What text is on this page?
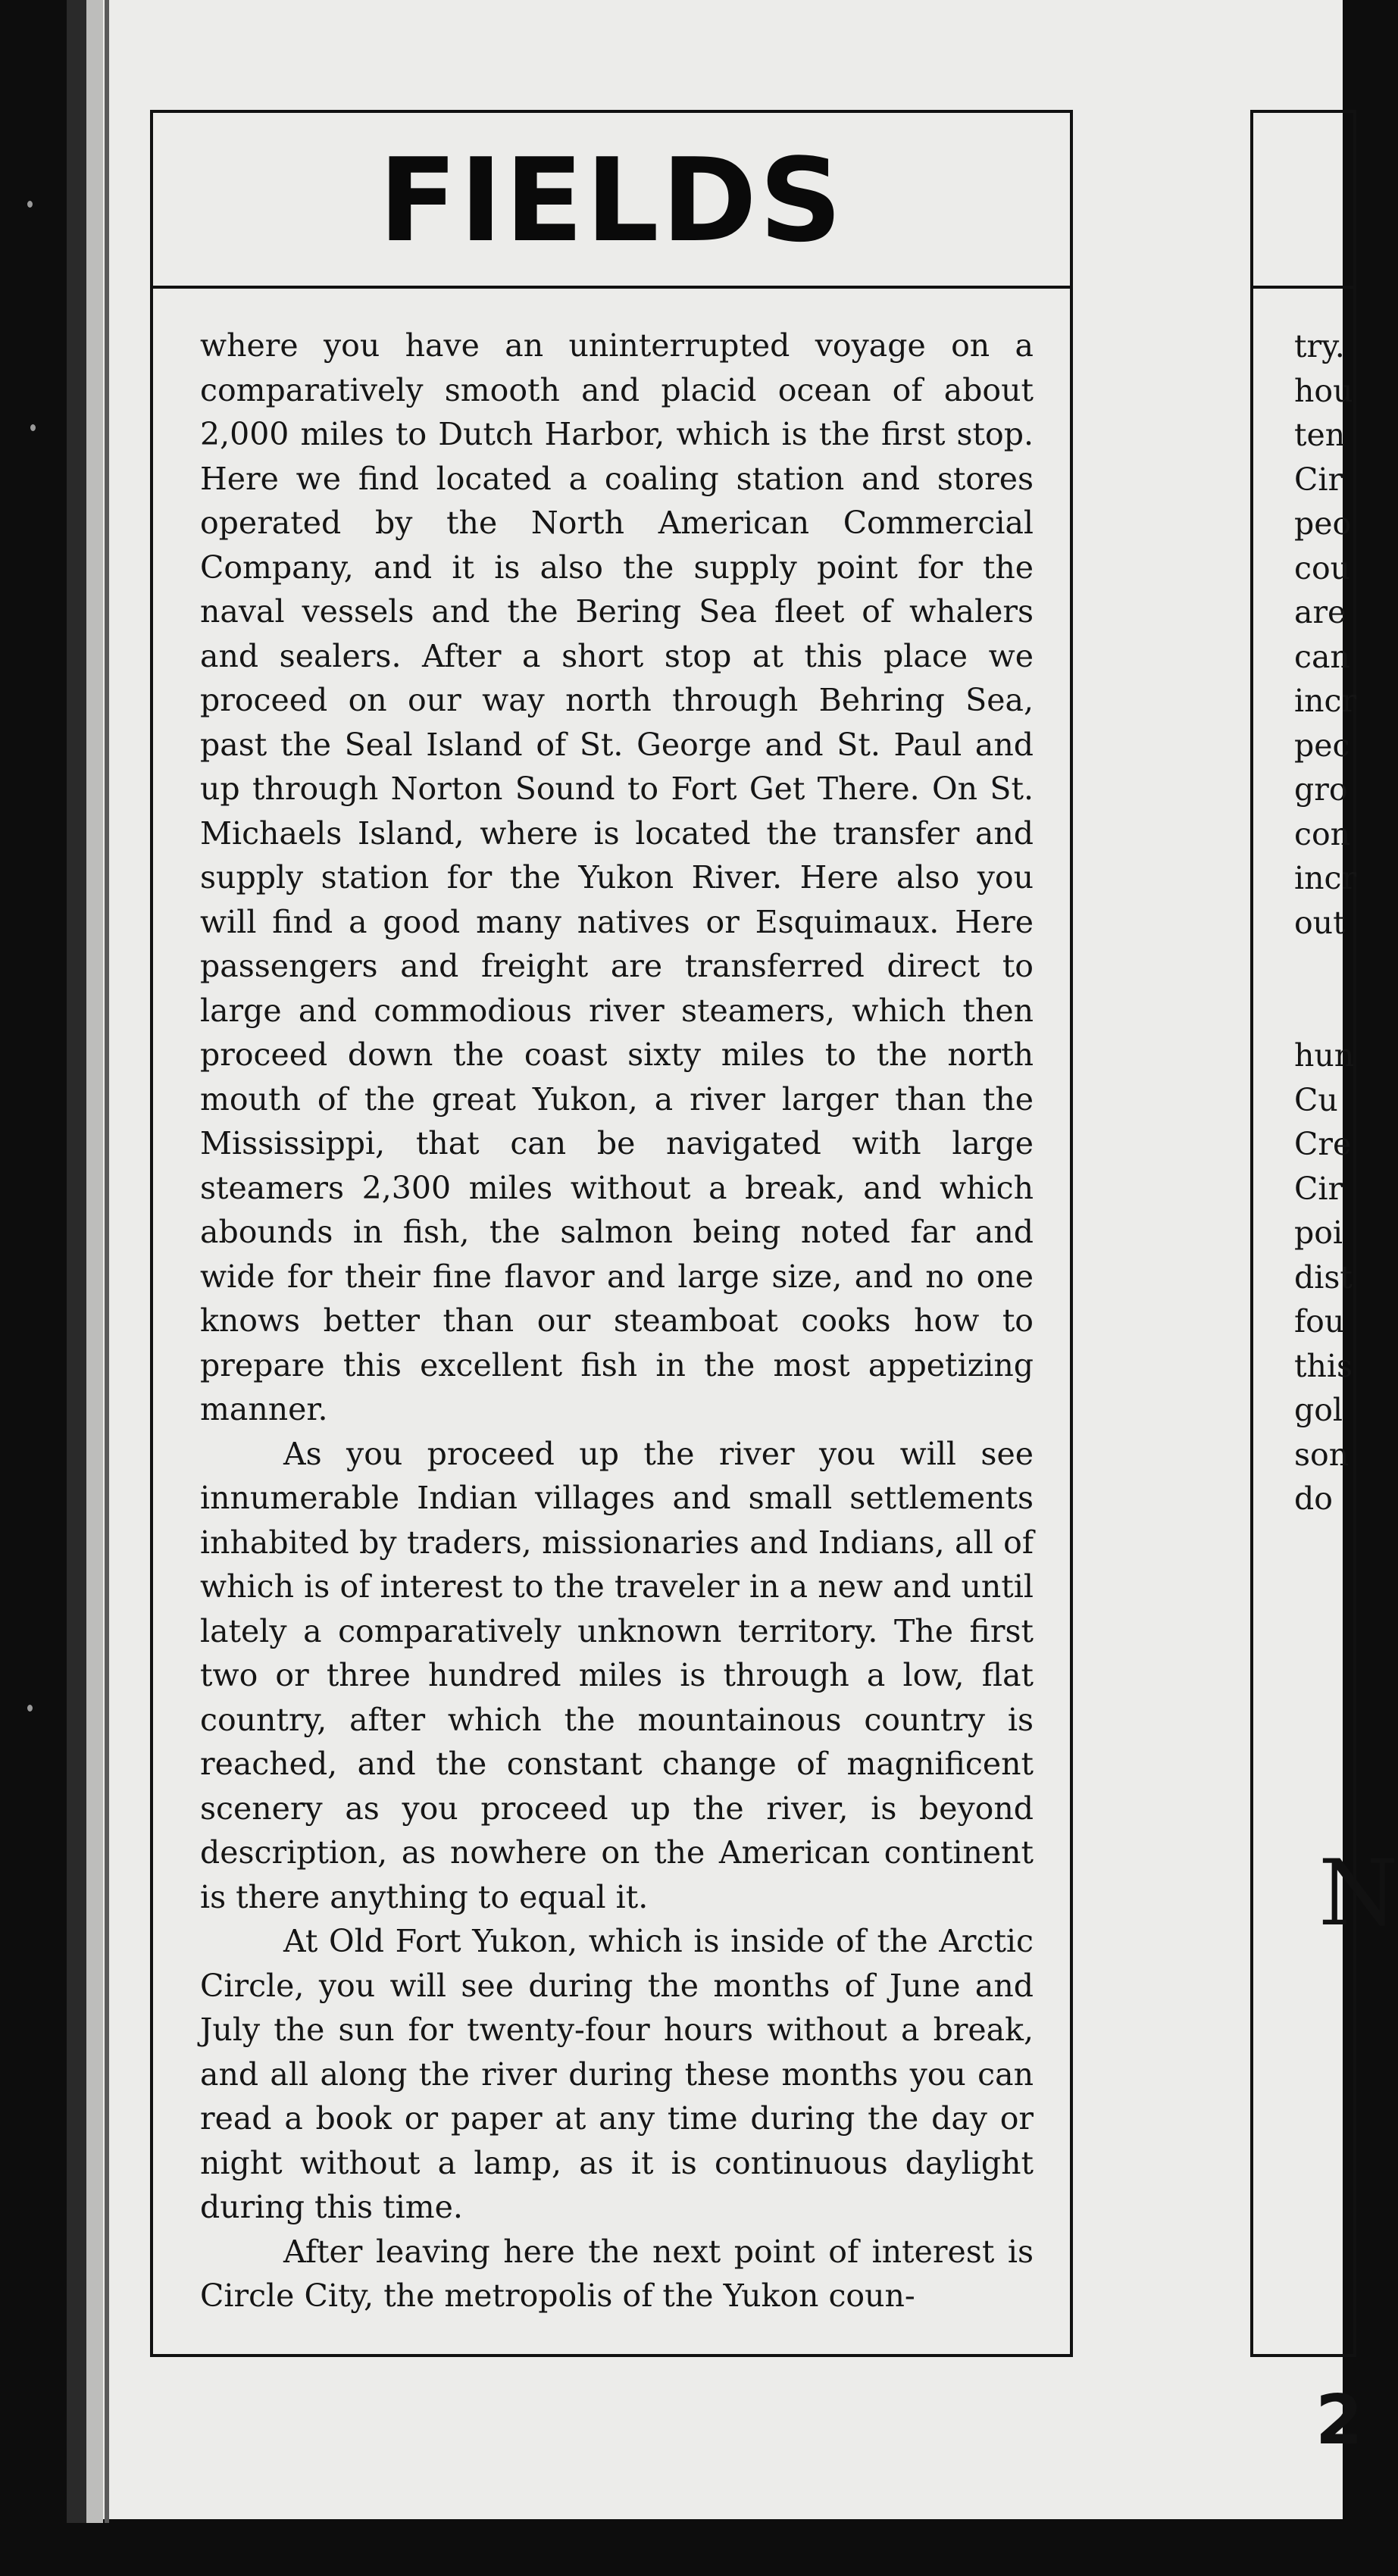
FIELDS

where you have an uninterrupted voyage on a comparatively smooth and placid ocean of about 2,000 miles to Dutch Harbor, which is the first stop. Here we find located a coaling station and stores operated by the North American Commercial Company, and it is also the supply point for the naval vessels and the Bering Sea fleet of whalers and sealers. After a short stop at this place we proceed on our way north through Behring Sea, past the Seal Island of St. George and St. Paul and up through Norton Sound to Fort Get There. On St. Michaels Island, where is located the transfer and supply station for the Yukon River. Here also you will find a good many natives or Esquimaux. Here passengers and freight are transferred direct to large and commodious river steamers, which then proceed down the coast sixty miles to the north mouth of the great Yukon, a river larger than the Mississippi, that can be navigated with large steamers 2,300 miles without a break, and which abounds in fish, the salmon being noted far and wide for their fine flavor and large size, and no one knows better than our steamboat cooks how to prepare this excellent fish in the most appetizing manner.

As you proceed up the river you will see innumerable Indian villages and small settlements inhabited by traders, missionaries and Indians, all of which is of interest to the traveler in a new and until lately a comparatively unknown territory. The first two or three hundred miles is through a low, flat country, after which the mountainous country is reached, and the constant change of magnificent scenery as you proceed up the river, is beyond description, as nowhere on the American continent is there anything to equal it.

At Old Fort Yukon, which is inside of the Arctic Circle, you will see during the months of June and July the sun for twenty-four hours without a break, and all along the river during these months you can read a book or paper at any time during the day or night without a lamp, as it is continuous daylight during this time.

After leaving here the next point of interest is Circle City, the metropolis of the Yukon coun-

try.
hou
ten
Cir
peo
cou
are
can
incr
pec
gro
con
incr
out
hun
Cu
Cre
Cir
poi
dist
fou
this
gol
son
do
N
2
